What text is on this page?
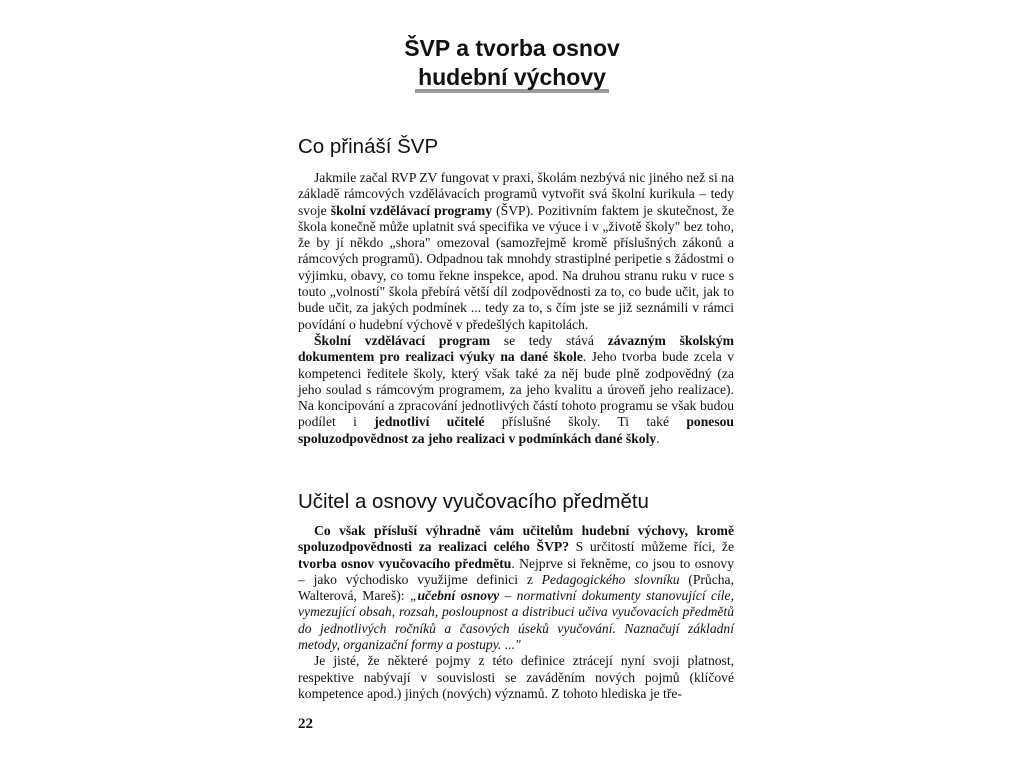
ŠVP a tvorba osnov
hudební výchovy
Co přináší ŠVP

Jakmile začal RVP ZV fungovat v praxi, školám nezbývá nic jiného než si na základě rámcových vzdělávacích programů vytvořit svá školní kurikula – tedy svoje školní vzdělávací programy (ŠVP). Pozitivním faktem je skutečnost, že škola konečně může uplatnit svá specifika ve výuce i v „životě školy" bez toho, že by jí někdo „shora" omezoval (samozřejmě kromě příslušných zákonů a rámcových programů). Odpadnou tak mnohdy strastiplné peripetie s žádostmi o výjimku, obavy, co tomu řekne inspekce, apod. Na druhou stranu ruku v ruce s touto „volností" škola přebírá větší díl zodpovědnosti za to, co bude učit, jak to bude učit, za jakých podmínek ... tedy za to, s čím jste se již seznámili v rámci povídání o hudební výchově v předešlých kapitolách.

Školní vzdělávací program se tedy stává závazným školským dokumentem pro realizaci výuky na dané škole. Jeho tvorba bude zcela v kompetenci ředitele školy, který však také za něj bude plně zodpovědný (za jeho soulad s rámcovým programem, za jeho kvalitu a úroveň jeho realizace). Na koncipování a zpracování jednotlivých částí tohoto programu se však budou podílet i jednotliví učitelé příslušné školy. Ti také ponesou spoluzodpovědnost za jeho realizaci v podmínkách dané školy.

Učitel a osnovy vyučovacího předmětu

Co však přísluší výhradně vám učitelům hudební výchovy, kromě spoluzodpovědnosti za realizaci celého ŠVP? S určitostí můžeme říci, že tvorba osnov vyučovacího předmětu. Nejprve si řekněme, co jsou to osnovy – jako východisko využijme definici z Pedagogického slovníku (Průcha, Walterová, Mareš): „učební osnovy – normativní dokumenty stanovující cíle, vymezující obsah, rozsah, posloupnost a distribuci učiva vyučovacích předmětů do jednotlivých ročníků a časových úseků vyučování. Naznačují základní metody, organizační formy a postupy. ..."

Je jisté, že některé pojmy z této definice ztrácejí nyní svoji platnost, respektive nabývají v souvislosti se zaváděním nových pojmů (klíčové kompetence apod.) jiných (nových) významů. Z tohoto hlediska je tře-

22
